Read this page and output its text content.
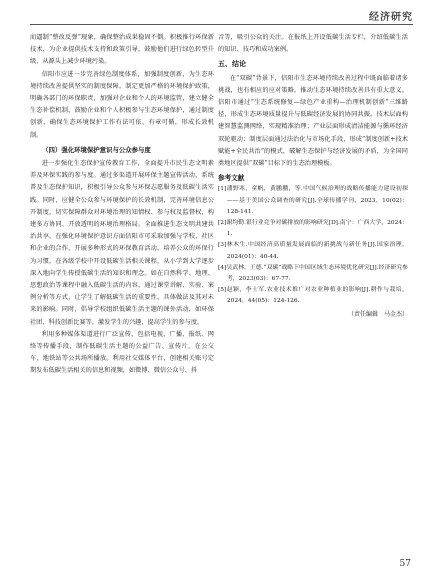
经济研究

而逼制“整改反弹”现象，确保整治成果稳固不倒。积极推行环保新技术，为企业提供技术支持和政策引导，鼓励他们进行绿色转型升级，从源头上减少环境污染。

信阳市应进一步完善绿色制度体系，加强制度创新，为生态环境持续改善提供坚实的制度保障。制定更加严格的环境保护政策，明确各部门的环保职责，加强对企业和个人的环境监管，建立健全生态补偿机制，鼓励企业和个人积极参与生态环境保护，通过制度创新，确保生态环境保护工作有法可依、有章可循，形成长效机制。

（四）强化环境保护意识与公众参与度

进一步强化生态保护宣传教育工作，全面提升市民生态文明素养及环保实践的参与度。通过多渠道开展环保主题宣传活动，系统普及生态保护知识，积极引导公众参与环保志愿服务及低碳生活实践。同时，应健全公众参与环境保护的长效机制，完善环境信息公开制度，切实保障群众对环境治理的知情权、参与权及监督权，构建多方协同、开放透明的环境治理格局。全面推进生态文明共建共治共享。在强化环境保护意识方面信阳市可采取加强与学校、社区和企业的合作，开展多种形式的环保教育活动，培养公众的环保行为习惯。在各级学校中开设低碳生活相关课程，从小学到大学逐步深入地向学生传授低碳生活的知识和理念。如在自然科学、地理、思想政治等课程中融入低碳生活的内容，通过课堂讲解、实验、案例分析等方式，让学生了解低碳生活的重要性、具体做法及其对未来的影响。同时，倡导学校组织低碳生活主题的课外活动，如环保社团、科技创新比赛等，激发学生的兴趣，提高学生的参与度。

利用多种媒体渠道进行广泛宣传，包括电视、广播、报纸、网络等传播手段，制作低碳生活主题的公益广告、宣传片，在公交车、地铁站等公共场所播放。利用社交媒体平台，创建相关账号定期发布低碳生活相关的信息和视频，如微博、微信公众号、抖

音等，吸引公众的关注。在报纸上开设低碳生活专栏，介绍低碳生活的知识、技巧和成功案例。

五、结论

在“双碳”背景下，信阳市生态环境持续改善过程中既面临着诸多挑战，也有相应的应对策略，推动生态环境持续改善具有重大意义。信阳市通过“生态系统修复—绿色产业重构—治理机制创新”三维路径，形成生态环境质量提升与低碳经济发展的协同共振。技术层面构建智慧监测网络，实现精准治理；产业层面形成清洁能源与循环经济双轮驱动；制度层面通过法治化与市场化手段，形成“制度创新+技术赋能+全民共治”的模式，破解生态保护与经济发展的矛盾，为全国同类地区提供“双碳”目标下的生态治理模板。

参考文献
[1]潘野寒，童帆，黄鹏鹏，等.中国气候治理的战略传播能力建设初探——基于美国公众调查的研究[J].全球传播学刊，2023，10(02)：128-141.
[2]谢均勤.银行业竞争对碳排放的影响研究[D].南宁：广西大学，2024：1.
[3]林木生.中国经济高质量发展面临的新挑战与新任务[J].国家治理，2024(01)：40-44.
[4]吴武林，王德.“双碳”战略下中国区域生态环境优化研究[J].经济研究参考，2023(03)：67-77.
[5]赵颖，李士军.农业技术推广对农业种植业的影响[J].耕作与栽培，2024，44(05)：124-126.
（责任编辑　马金杰）
57
